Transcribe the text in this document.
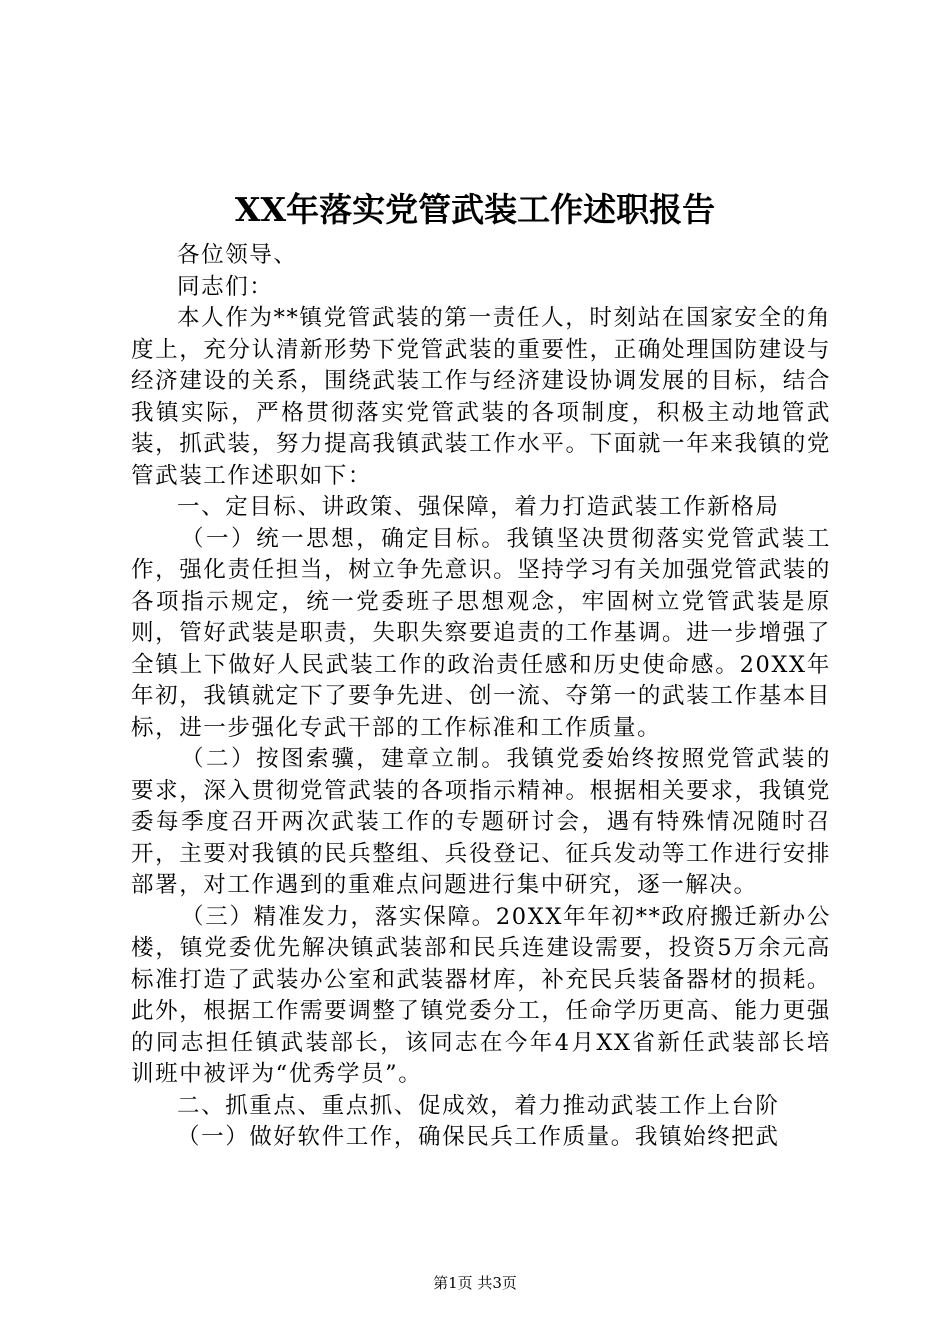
XX年落实党管武装工作述职报告

各位领导、

同志们：

本人作为**镇党管武装的第一责任人，时刻站在国家安全的角度上，充分认清新形势下党管武装的重要性，正确处理国防建设与经济建设的关系，围绕武装工作与经济建设协调发展的目标，结合我镇实际，严格贯彻落实党管武装的各项制度，积极主动地管武装，抓武装，努力提高我镇武装工作水平。下面就一年来我镇的党管武装工作述职如下：

一、定目标、讲政策、强保障，着力打造武装工作新格局

（一）统一思想，确定目标。我镇坚决贯彻落实党管武装工作，强化责任担当，树立争先意识。坚持学习有关加强党管武装的各项指示规定，统一党委班子思想观念，牢固树立党管武装是原则，管好武装是职责，失职失察要追责的工作基调。进一步增强了全镇上下做好人民武装工作的政治责任感和历史使命感。20XX年年初，我镇就定下了要争先进、创一流、夺第一的武装工作基本目标，进一步强化专武干部的工作标准和工作质量。

（二）按图索骥，建章立制。我镇党委始终按照党管武装的要求，深入贯彻党管武装的各项指示精神。根据相关要求，我镇党委每季度召开两次武装工作的专题研讨会，遇有特殊情况随时召开，主要对我镇的民兵整组、兵役登记、征兵发动等工作进行安排部署，对工作遇到的重难点问题进行集中研究，逐一解决。

（三）精准发力，落实保障。20XX年年初**政府搬迁新办公楼，镇党委优先解决镇武装部和民兵连建设需要，投资5万余元高标准打造了武装办公室和武装器材库，补充民兵装备器材的损耗。此外，根据工作需要调整了镇党委分工，任命学历更高、能力更强的同志担任镇武装部长，该同志在今年4月XX省新任武装部长培训班中被评为“优秀学员”。

二、抓重点、重点抓、促成效，着力推动武装工作上台阶

（一）做好软件工作，确保民兵工作质量。我镇始终把武

第1页 共3页
